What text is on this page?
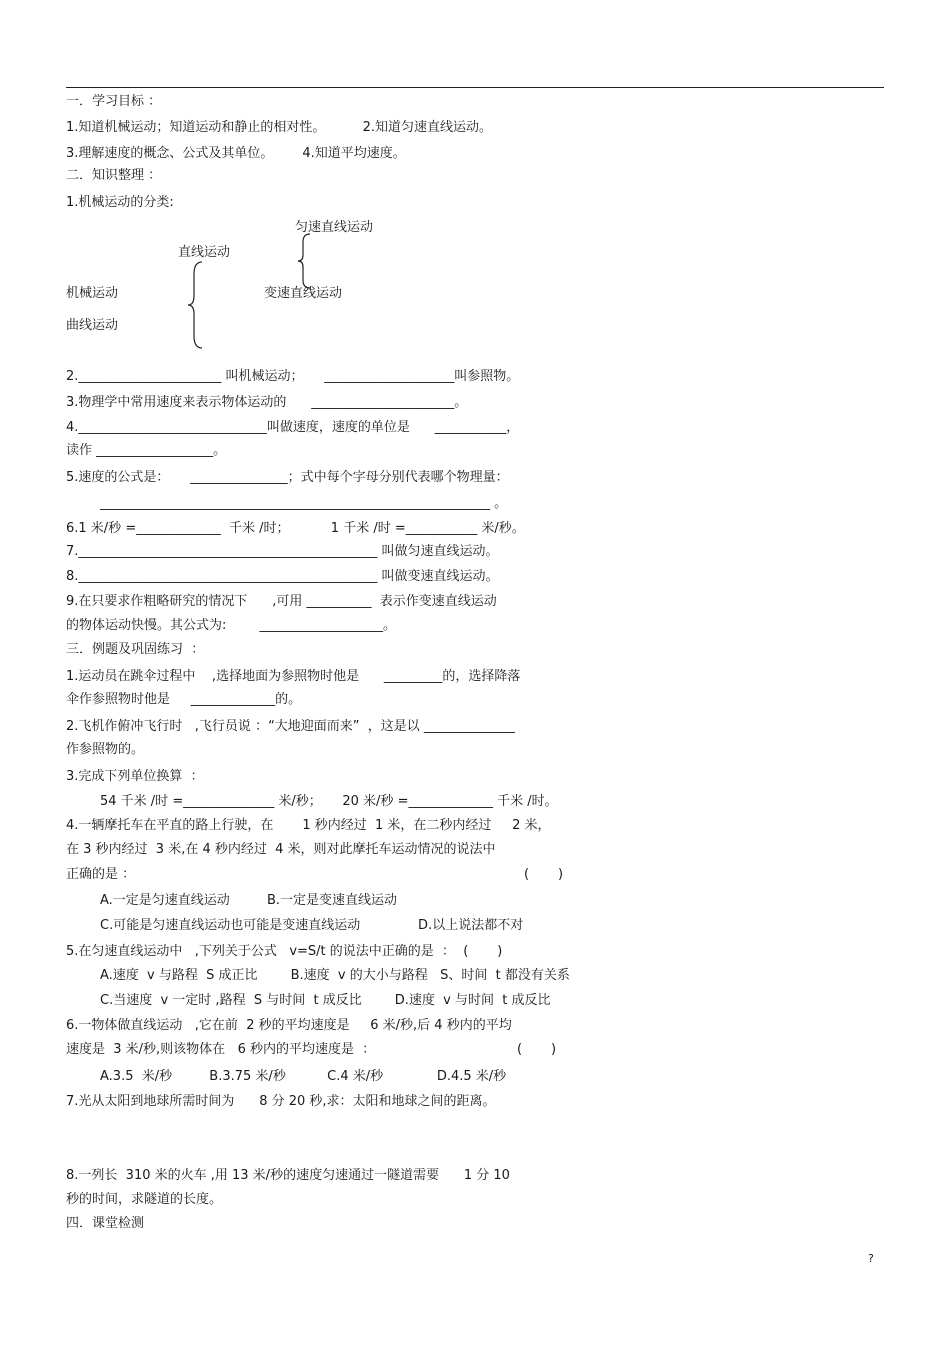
一．学习目标 ：
1.知道机械运动；知道运动和静止的相对性。         2.知道匀速直线运动。
3.理解速度的概念、公式及其单位。       4.知道平均速度。
二．知识整理 ：
1.机械运动的分类:
匀速直线运动
直线运动
机械运动	变速直线运动
曲线运动
2.______________________ 叫机械运动；     ____________________叫参照物。
3.物理学中常用速度来表示物体运动的      ______________________。
4._____________________________叫做速度，速度的单位是      ___________，
读作 __________________。
5.速度的公式是：     _______________；式中每个字母分别代表哪个物理量：
____________________________________________________________ 。
6.1 米/秒 =_____________  千米 /时；          1 千米 /时 =___________ 米/秒。
7.______________________________________________ 叫做匀速直线运动。
8.______________________________________________ 叫做变速直线运动。
9.在只要求作粗略研究的情况下      ,可用 __________  表示作变速直线运动
的物体运动快慢。其公式为:        ___________________。
三．例题及巩固练习  ：
1.运动员在跳伞过程中    ,选择地面为参照物时他是      _________的，选择降落
伞作参照物时他是     _____________的。
2.飞机作俯冲飞行时   ,飞行员说 ：“大地迎面而来”  ，这是以 ______________
作参照物的。
3.完成下列单位换算  ：
54 千米 /时 =______________ 米/秒；     20 米/秒 =_____________ 千米 /时。
4.一辆摩托车在平直的路上行驶，在       1 秒内经过  1 米，在二秒内经过     2 米，
在 3 秒内经过  3 米,在 4 秒内经过  4 米，则对此摩托车运动情况的说法中
正确的是 ：	(       )
A.一定是匀速直线运动         B.一定是变速直线运动
C.可能是匀速直线运动也可能是变速直线运动              D.以上说法都不对
5.在匀速直线运动中   ,下列关于公式   v=S/t 的说法中正确的是  ：  (       )
A.速度  v 与路程  S 成正比        B.速度  v 的大小与路程   S、时间  t 都没有关系
C.当速度  v 一定时 ,路程  S 与时间  t 成反比        D.速度  v 与时间  t 成反比
6.一物体做直线运动   ,它在前  2 秒的平均速度是     6 米/秒,后 4 秒内的平均
速度是  3 米/秒,则该物体在   6 秒内的平均速度是  ：	(       )
A.3.5  米/秒         B.3.75 米/秒          C.4 米/秒             D.4.5 米/秒
7.光从太阳到地球所需时间为      8 分 20 秒,求：太阳和地球之间的距离。
8.一列长  310 米的火车 ,用 13 米/秒的速度匀速通过一隧道需要      1 分 10
秒的时间，求隧道的长度。
四．课堂检测
?
